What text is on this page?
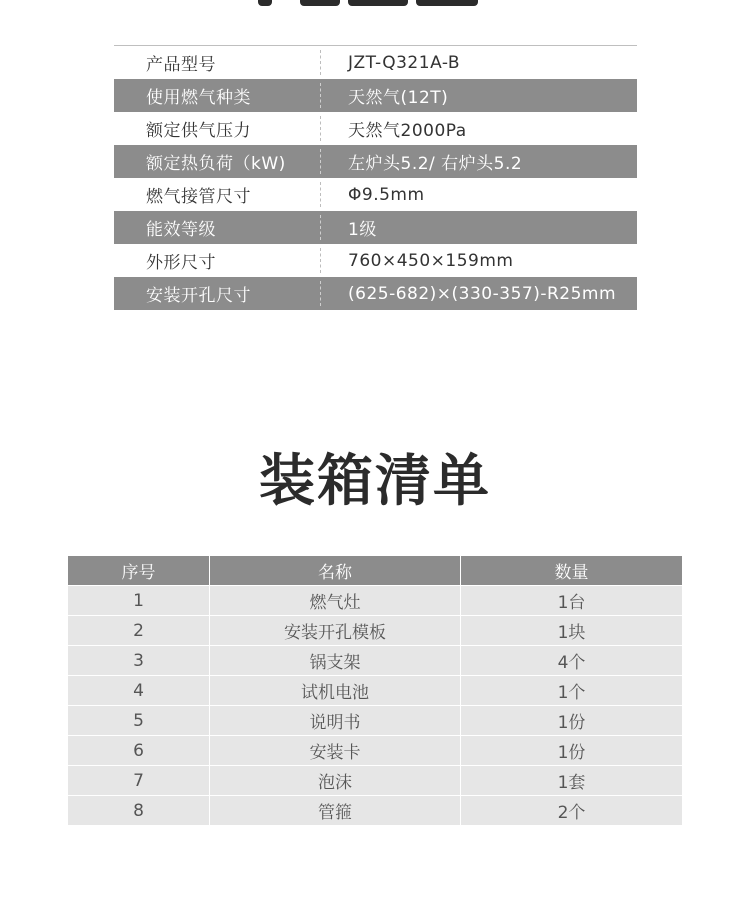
产品型号	JZT-Q321A-B
使用燃气种类	天然气(12T)
额定供气压力	天然气2000Pa
额定热负荷（kW)	左炉头5.2/ 右炉头5.2
燃气接管尺寸	Φ9.5mm
能效等级	1级
外形尺寸	760×450×159mm
安装开孔尺寸	(625-682)×(330-357)-R25mm
装箱清单
序号	名称	数量
1	燃气灶	1台
2	安装开孔模板	1块
3	锅支架	4个
4	试机电池	1个
5	说明书	1份
6	安装卡	1份
7	泡沫	1套
8	管箍	2个
